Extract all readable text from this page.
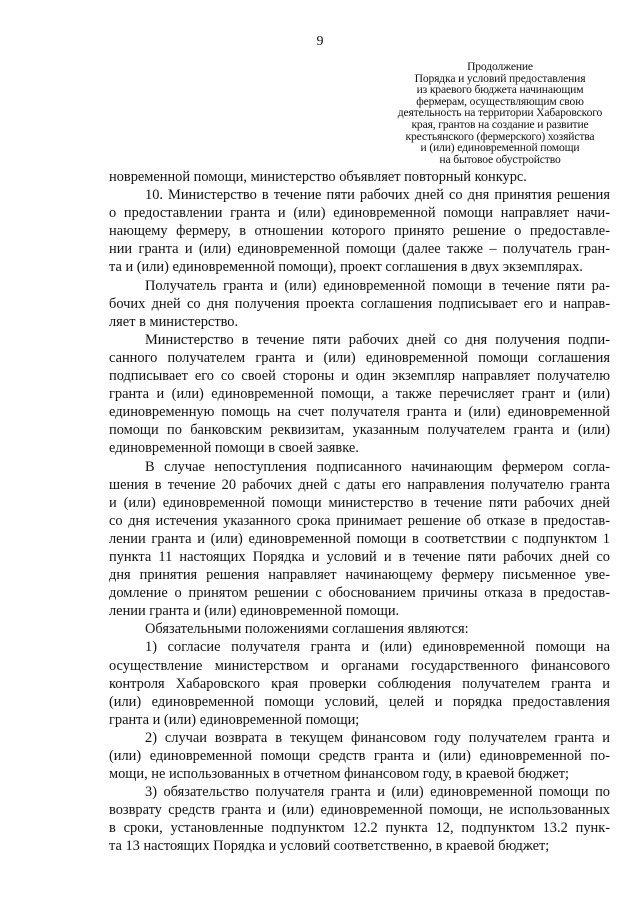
9
Продолжение
Порядка и условий предоставления
из краевого бюджета начинающим
фермерам, осуществляющим свою
деятельность на территории Хабаровского
края, грантов на создание и развитие
крестьянского (фермерского) хозяйства
и (или) единовременной помощи
на бытовое обустройство
новременной помощи, министерство объявляет повторный конкурс.
10. Министерство в течение пяти рабочих дней со дня принятия решения
о предоставлении гранта и (или) единовременной помощи направляет начи-
нающему фермеру, в отношении которого принято решение о предоставле-
нии гранта и (или) единовременной помощи (далее также – получатель гран-
та и (или) единовременной помощи), проект соглашения в двух экземплярах.
Получатель гранта и (или) единовременной помощи в течение пяти ра-
бочих дней со дня получения проекта соглашения подписывает его и направ-
ляет в министерство.
Министерство в течение пяти рабочих дней со дня получения подпи-
санного получателем гранта и (или) единовременной помощи соглашения
подписывает его со своей стороны и один экземпляр направляет получателю
гранта и (или) единовременной помощи, а также перечисляет грант и (или)
единовременную помощь на счет получателя гранта и (или) единовременной
помощи по банковским реквизитам, указанным получателем гранта и (или)
единовременной помощи в своей заявке.
В случае непоступления подписанного начинающим фермером согла-
шения в течение 20 рабочих дней с даты его направления получателю гранта
и (или) единовременной помощи министерство в течение пяти рабочих дней
со дня истечения указанного срока принимает решение об отказе в предостав-
лении гранта и (или) единовременной помощи в соответствии с подпунктом 1
пункта 11 настоящих Порядка и условий и в течение пяти рабочих дней со
дня принятия решения направляет начинающему фермеру письменное уве-
домление о принятом решении с обоснованием причины отказа в предостав-
лении гранта и (или) единовременной помощи.
Обязательными положениями соглашения являются:
1) согласие получателя гранта и (или) единовременной помощи на
осуществление министерством и органами государственного финансового
контроля Хабаровского края проверки соблюдения получателем гранта и
(или) единовременной помощи условий, целей и порядка предоставления
гранта и (или) единовременной помощи;
2) случаи возврата в текущем финансовом году получателем гранта и
(или) единовременной помощи средств гранта и (или) единовременной по-
мощи, не использованных в отчетном финансовом году, в краевой бюджет;
3) обязательство получателя гранта и (или) единовременной помощи по
возврату средств гранта и (или) единовременной помощи, не использованных
в сроки, установленные подпунктом 12.2 пункта 12, подпунктом 13.2 пунк-
та 13 настоящих Порядка и условий соответственно, в краевой бюджет;
